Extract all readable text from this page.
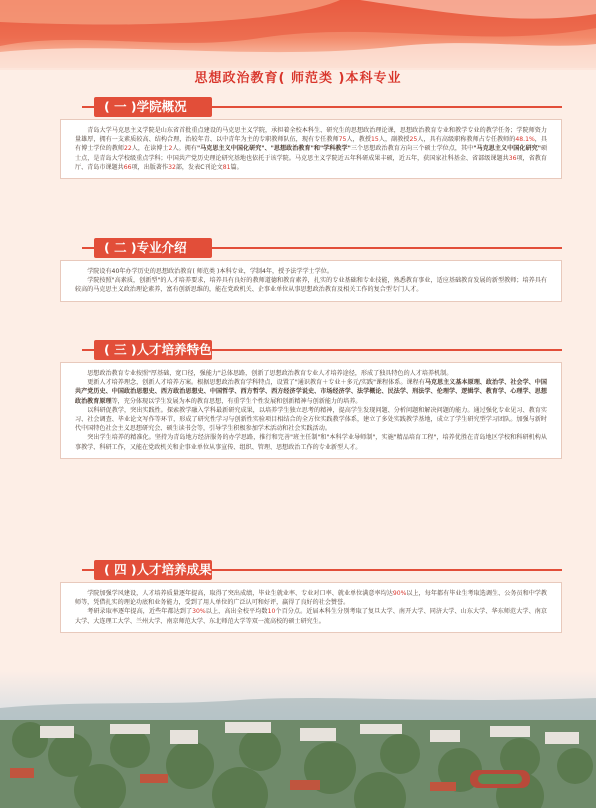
思想政治教育( 师范类 )本科专业
( 一 )学院概况

青岛大学马克思主义学院是山东省首批重点建设的马克思主义学院，承担着全校本科生、研究生的思想政治理论课，思想政治教育专业和教学专业的教学任务；学院师资力量雄厚，拥有一支素质较高、结构合理，治较年青、以中青年为主的专职教师队伍，现有专任教师75人，教授15人，副教授25人，具有高级职称教师占专任教师的48.1%，具有博士学位的教师22人，在读博士2人。拥有"马克思主义中国化研究"、"思想政治教育"和"学科教学"三个思想政治教育方向三个硕士学位点，其中"马克思主义中国化研究"硕士点，是青岛大学校级重点学科；中国共产党历史理论研究基地也依托于该学院。马克思主义学院近五年科研成果丰硕，近五年，获国家社科基金、省部级课题共36项，省教育厅、青岛市课题共66项，出版著作32部，发表C刊论文81篇。

( 二 )专业介绍

学院设有40年办学历史的思想政治教育( 师范类 )本科专业，学制4年，授予法学学士学位。

学院按照"高素质，创新型"的人才培养要求，培养具有良好的教师道德和教育素养，扎实的专业基础和专业技能，熟悉教育事业，适应基础教育发展的新型教师；培养具有较高的马克思主义政治理论素养，富有创新思维的，能在党政机关、企事业单位从事思想政治教育及相关工作的复合型专门人才。

( 三 )人才培养特色

思想政治教育专业按照"厚基础，宽口径，强能力"总体思路，创新了思想政治教育专业人才培养途径，形成了独具特色的人才培养机制。

更新人才培养理念，创新人才培养方案。根据思想政治教育学科特点，设置了"通识教育＋专业＋多元/实践"课程体系。课程有马克思主义基本原理、政治学、社会学、中国共产党历史、中国政治思想史、西方政治思想史、中国哲学、西方哲学、西方经济学说史、市场经济学、法学概论、民法学、刑法学、伦理学、逻辑学、教育学、心理学、思想政治教育原理等，充分体现以学生发展为本的教育思想，有重学生个性发展和创新精神与创新能力的培养。

以科研促教学，突出实践性。探索教学融入学科最新研究成果，以培养学生独立思考的精神，提高学生发现问题、分析问题和解决问题的能力。通过强化专业见习、教育实习、社会调查、毕业论文写作等环节，形成了研究性学习与创新性实验项目相结合的全方位实践教学体系，建立了多处实践教学基地，成立了学生研究型学习团队。加强与新时代中国特色社会主义思想研究会、硕生读书会等，引导学生积极参加学术活动和社会实践活动。

突出学生培养的精准化。坚持为青岛地方经济服务的办学思路，推行和完善"班主任制"和"本科学业导师制"，实施"精品培育工程"，培养优胜在青岛地区学校和科研机构从事教学、科研工作，又能在党政机关和企事业单位从事宣传、组织、管理、思想政治工作的专业新型人才。

( 四 )人才培养成果

学院加强学风建设，人才培养质量逐年提高，取得了突出成绩，毕业生就业率、专业对口率、就业单位满意率均达90%以上，每年都有毕业生考取选调生、公务员和中学教师等，凭借扎实的理论功底和业务能力，受到了用人单位的广泛认可和好评，赢得了良好的社会赞誉。

考研录取率逐年提高，近些年都达到了30%以上，高出全校平均数10个百分点。近届本科生分别考取了复旦大学、南开大学、同济大学、山东大学、华东师范大学、南京大学、大连理工大学、兰州大学、南京师范大学、东北师范大学等双一流高校的硕士研究生。
